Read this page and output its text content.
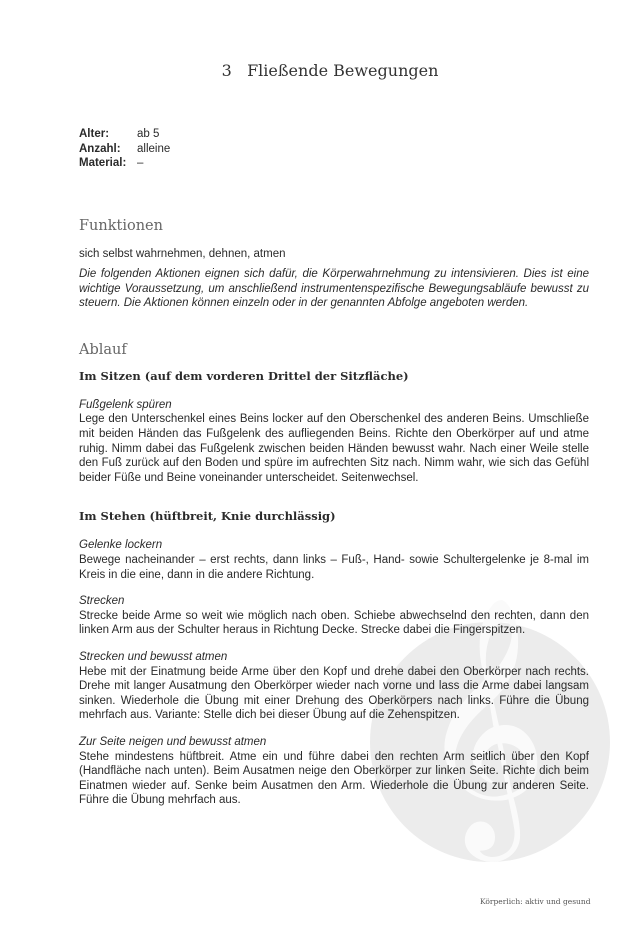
𝄞
3 Fließende Bewegungen
Alter:	ab 5
Anzahl:	alleine
Material: –
Funktionen
sich selbst wahrnehmen, dehnen, atmen
Die folgenden Aktionen eignen sich dafür, die Körperwahrnehmung zu intensivieren. Dies ist eine wichtige Voraussetzung, um anschließend instrumentenspezifische Bewegungsabläufe bewusst zu steuern. Die Aktionen können einzeln oder in der genannten Abfolge angeboten werden.
Ablauf
Im Sitzen (auf dem vorderen Drittel der Sitzfläche)
Fußgelenk spüren
Lege den Unterschenkel eines Beins locker auf den Oberschenkel des anderen Beins. Umschließe mit beiden Händen das Fußgelenk des aufliegenden Beins. Richte den Oberkörper auf und atme ruhig. Nimm dabei das Fußgelenk zwischen beiden Händen bewusst wahr. Nach einer Weile stelle den Fuß zurück auf den Boden und spüre im aufrechten Sitz nach. Nimm wahr, wie sich das Gefühl beider Füße und Beine voneinander unterscheidet. Seitenwechsel.
Im Stehen (hüftbreit, Knie durchlässig)
Gelenke lockern
Bewege nacheinander – erst rechts, dann links – Fuß-, Hand- sowie Schultergelenke je 8-mal im Kreis in die eine, dann in die andere Richtung.
Strecken
Strecke beide Arme so weit wie möglich nach oben. Schiebe abwechselnd den rechten, dann den linken Arm aus der Schulter heraus in Richtung Decke. Strecke dabei die Fingerspitzen.
Strecken und bewusst atmen
Hebe mit der Einatmung beide Arme über den Kopf und drehe dabei den Oberkörper nach rechts. Drehe mit langer Ausatmung den Oberkörper wieder nach vorne und lass die Arme dabei langsam sinken. Wiederhole die Übung mit einer Drehung des Oberkörpers nach links. Führe die Übung mehrfach aus. Variante: Stelle dich bei dieser Übung auf die Zehenspitzen.
Zur Seite neigen und bewusst atmen
Stehe mindestens hüftbreit. Atme ein und führe dabei den rechten Arm seitlich über den Kopf (Handfläche nach unten). Beim Ausatmen neige den Oberkörper zur linken Seite. Richte dich beim Einatmen wieder auf. Senke beim Ausatmen den Arm. Wiederhole die Übung zur anderen Seite. Führe die Übung mehrfach aus.
Körperlich: aktiv und gesund
